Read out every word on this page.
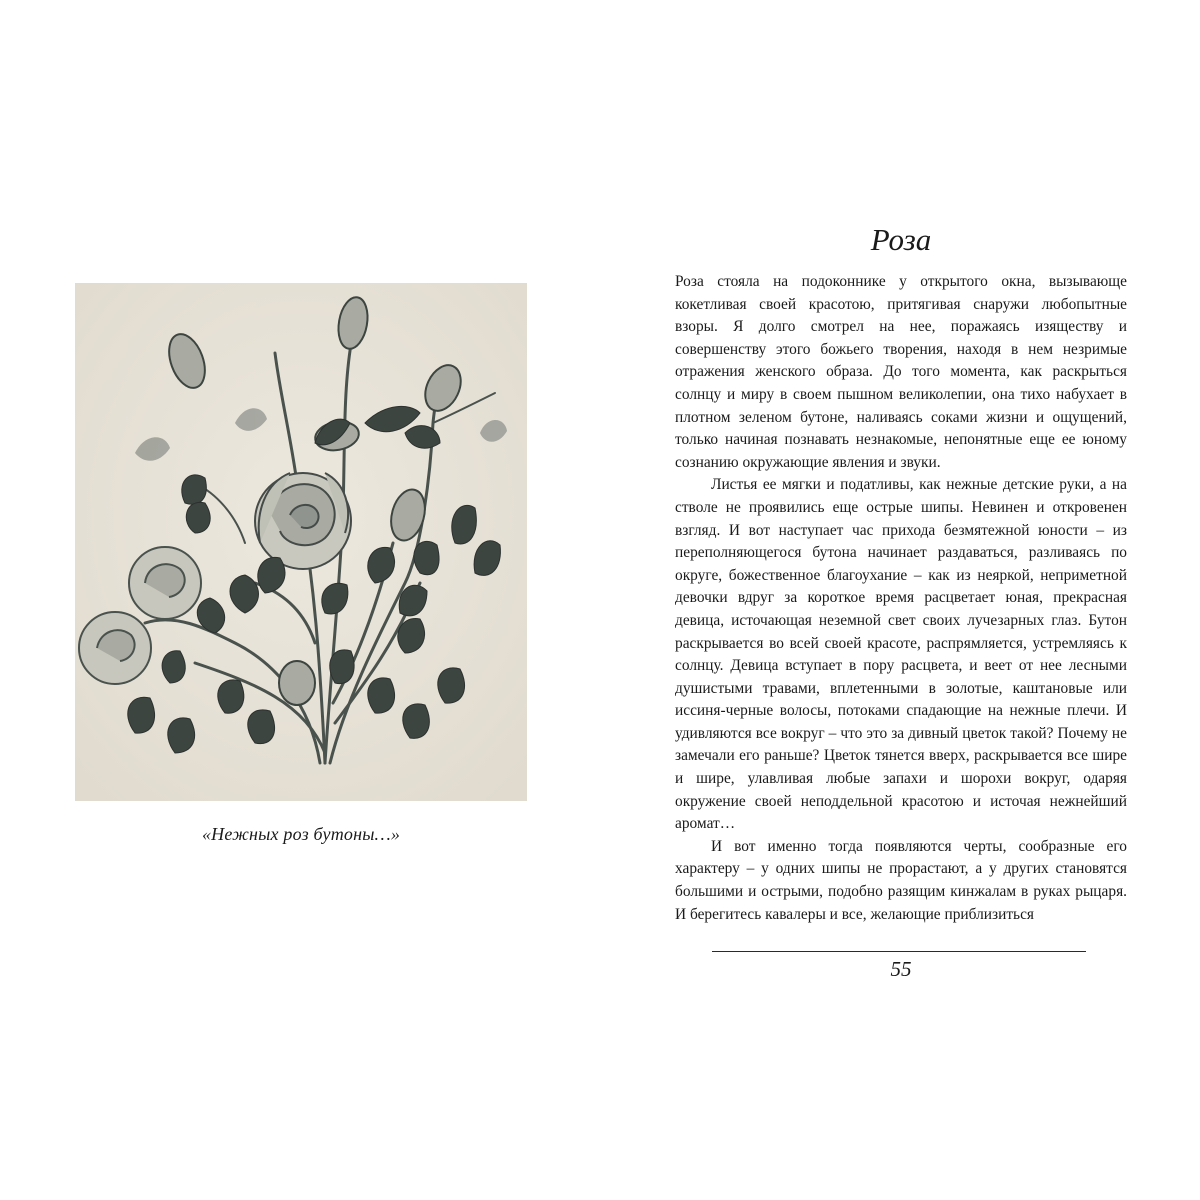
«Нежных роз бутоны…»
Роза

Роза стояла на подоконнике у открытого окна, вызывающе кокетливая своей красотою, притягивая снаружи любопытные взоры. Я долго смотрел на нее, поражаясь изяществу и совершенству этого божьего творения, находя в нем незримые отражения женского образа. До того момента, как раскрыться солнцу и миру в своем пышном великолепии, она тихо набухает в плотном зеленом бутоне, наливаясь соками жизни и ощущений, только начиная познавать незнакомые, непонятные еще ее юному сознанию окружающие явления и звуки.

Листья ее мягки и податливы, как нежные детские руки, а на стволе не проявились еще острые шипы. Невинен и откровенен взгляд. И вот наступает час прихода безмятежной юности – из переполняющегося бутона начинает раздаваться, разливаясь по округе, божественное благоухание – как из неяркой, неприметной девочки вдруг за короткое время расцветает юная, прекрасная девица, источающая неземной свет своих лучезарных глаз. Бутон раскрывается во всей своей красоте, распрямляется, устремляясь к солнцу. Девица вступает в пору расцвета, и веет от нее лесными душистыми травами, вплетенными в золотые, каштановые или иссиня-черные волосы, потоками спадающие на нежные плечи. И удивляются все вокруг – что это за дивный цветок такой? Почему не замечали его раньше? Цветок тянется вверх, раскрывается все шире и шире, улавливая любые запахи и шорохи вокруг, одаряя окружение своей неподдельной красотою и источая нежнейший аромат…

И вот именно тогда появляются черты, сообразные его характеру – у одних шипы не прорастают, а у других становятся большими и острыми, подобно разящим кинжалам в руках рыцаря. И берегитесь кавалеры и все, желающие приблизиться

55
